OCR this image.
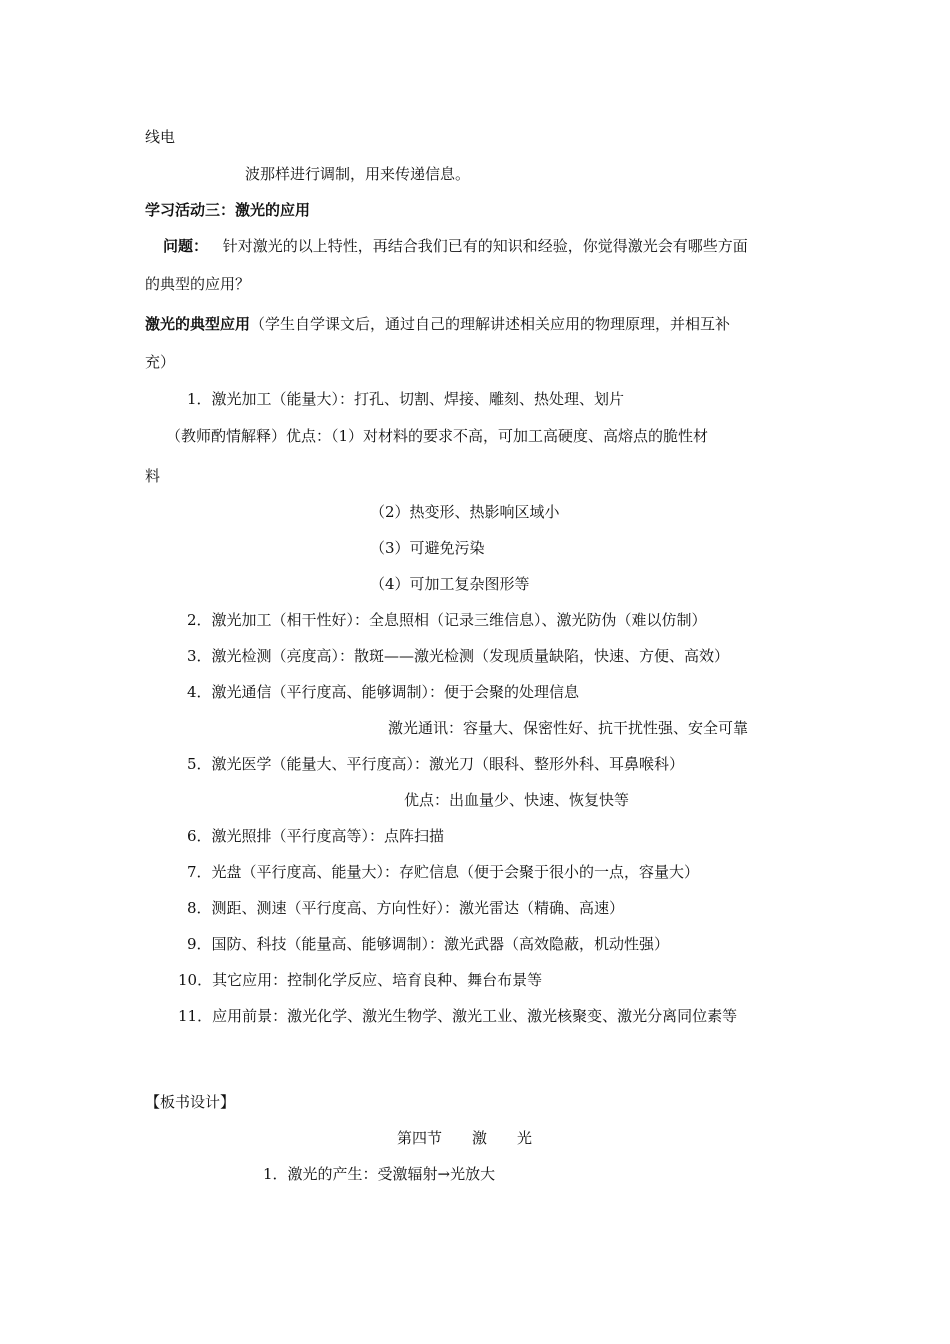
线电
波那样进行调制，用来传递信息。
学习活动三：激光的应用
问题： 针对激光的以上特性，再结合我们已有的知识和经验，你觉得激光会有哪些方面
的典型的应用？
激光的典型应用（学生自学课文后，通过自己的理解讲述相关应用的物理原理，并相互补
充）
1．激光加工（能量大）：打孔、切割、焊接、雕刻、热处理、划片
（教师酌情解释）优点：（1）对材料的要求不高，可加工高硬度、高熔点的脆性材
料
（2）热变形、热影响区域小
（3）可避免污染
（4）可加工复杂图形等
2．激光加工（相干性好）：全息照相（记录三维信息）、激光防伪（难以仿制）
3．激光检测（亮度高）：散斑——激光检测（发现质量缺陷，快速、方便、高效）
4．激光通信（平行度高、能够调制）：便于会聚的处理信息
激光通讯：容量大、保密性好、抗干扰性强、安全可靠
5．激光医学（能量大、平行度高）：激光刀（眼科、整形外科、耳鼻喉科）
优点：出血量少、快速、恢复快等
6．激光照排（平行度高等）：点阵扫描
7．光盘（平行度高、能量大）：存贮信息（便于会聚于很小的一点，容量大）
8．测距、测速（平行度高、方向性好）：激光雷达（精确、高速）
9．国防、科技（能量高、能够调制）：激光武器（高效隐蔽，机动性强）
10．其它应用：控制化学反应、培育良种、舞台布景等
11．应用前景：激光化学、激光生物学、激光工业、激光核聚变、激光分离同位素等
【板书设计】
第四节　　激　　光
1．激光的产生：受激辐射→光放大
